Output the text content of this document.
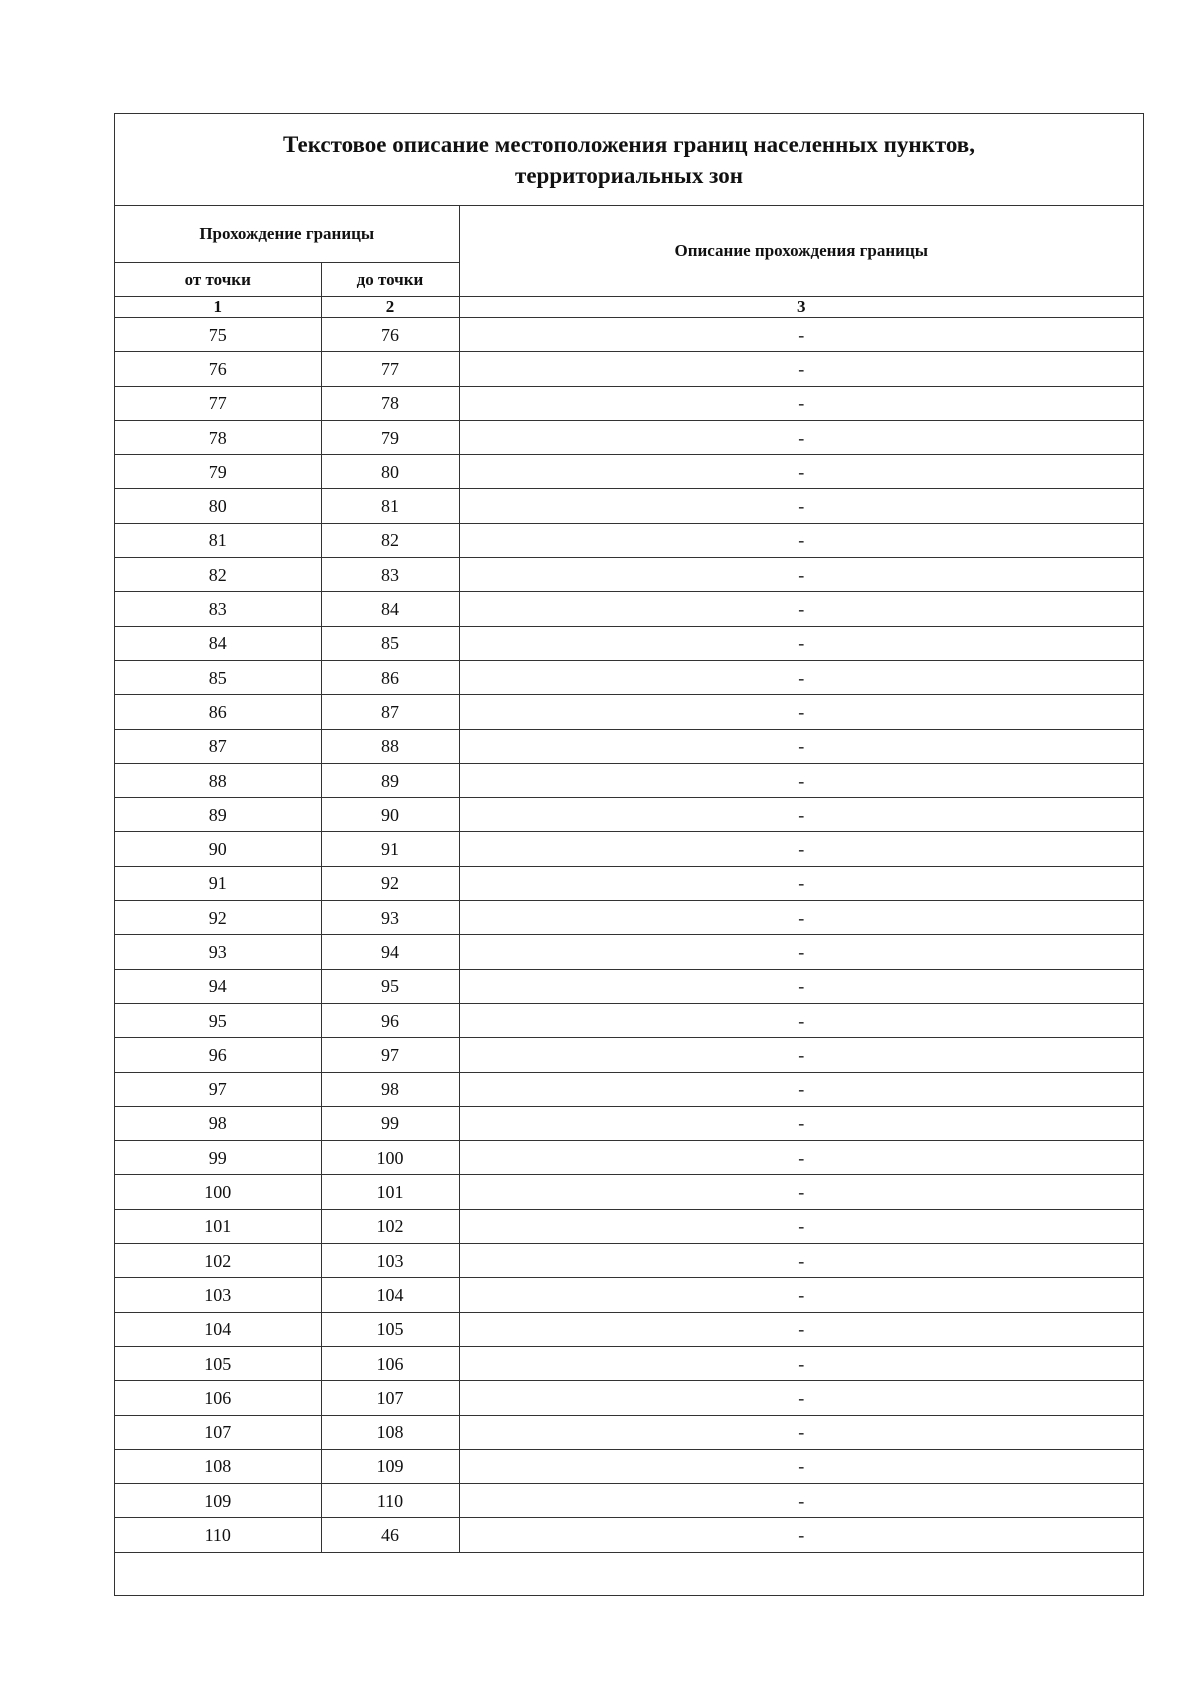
Текстовое описание местоположения границ населенных пунктов, территориальных зон
Прохождение границы		Описание прохождения границы
от точки	до точки	
1	2	3
75	76	-
76	77	-
77	78	-
78	79	-
79	80	-
80	81	-
81	82	-
82	83	-
83	84	-
84	85	-
85	86	-
86	87	-
87	88	-
88	89	-
89	90	-
90	91	-
91	92	-
92	93	-
93	94	-
94	95	-
95	96	-
96	97	-
97	98	-
98	99	-
99	100	-
100	101	-
101	102	-
102	103	-
103	104	-
104	105	-
105	106	-
106	107	-
107	108	-
108	109	-
109	110	-
110	46	-
